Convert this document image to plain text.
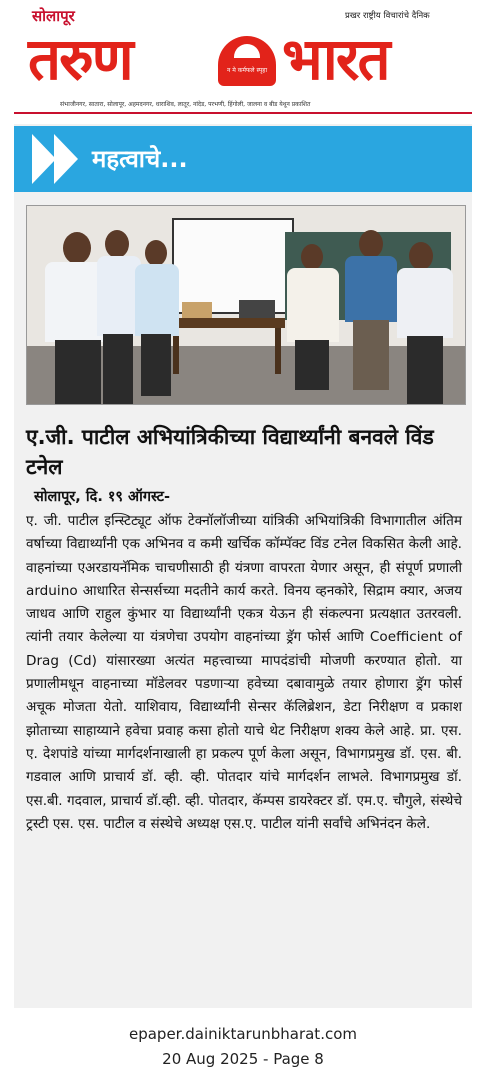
सोलापूर	प्रखर राष्ट्रीय विचारांचे दैनिक
तरुण	न मे कर्मफले स्पृहा भारत
संभाजीनगर, सातारा, सोलापूर, अहमदनगर, धाराशिव, लातूर, नांदेड, परभणी, हिंगोली, जालना व बीड येथून प्रकाशित
महत्वाचे...
ए.जी. पाटील अभियांत्रिकीच्या विद्यार्थ्यांनी बनवले विंड टनेल
सोलापूर, दि. १९ ऑगस्ट-
ए. जी. पाटील इन्स्टिट्यूट ऑफ टेक्नॉलॉजीच्या यांत्रिकी अभियांत्रिकी विभागातील अंतिम वर्षाच्या विद्यार्थ्यांनी एक अभिनव व कमी खर्चिक कॉम्पॅक्ट विंड टनेल विकसित केली आहे. वाहनांच्या एअरडायनॅमिक चाचणीसाठी ही यंत्रणा वापरता येणार असून, ही संपूर्ण प्रणाली arduino आधारित सेन्सर्सच्या मदतीने कार्य करते. विनय व्हनकोरे, सिद्राम क्यार, अजय जाधव आणि राहुल कुंभार या विद्यार्थ्यांनी एकत्र येऊन ही संकल्पना प्रत्यक्षात उतरवली. त्यांनी तयार केलेल्या या यंत्रणेचा उपयोग वाहनांच्या ड्रॅग फोर्स आणि Coefficient of Drag (Cd) यांसारख्या अत्यंत महत्त्वाच्या मापदंडांची मोजणी करण्यात होतो. या प्रणालीमधून वाहनाच्या मॉडेलवर पडणाऱ्या हवेच्या दबावामुळे तयार होणारा ड्रॅग फोर्स अचूक मोजता येतो. याशिवाय, विद्यार्थ्यांनी सेन्सर कॅलिब्रेशन, डेटा निरीक्षण व प्रकाश झोताच्या साहाय्याने हवेचा प्रवाह कसा होतो याचे थेट निरीक्षण शक्य केले आहे. प्रा. एस. ए. देशपांडे यांच्या मार्गदर्शनाखाली हा प्रकल्प पूर्ण केला असून, विभागप्रमुख डॉ. एस. बी. गडवाल आणि प्राचार्य डॉ. व्ही. व्ही. पोतदार यांचे मार्गदर्शन लाभले. विभागप्रमुख डॉ. एस.बी. गदवाल, प्राचार्य डॉ.व्ही. व्ही. पोतदार, कॅम्पस डायरेक्टर डॉ. एम.ए. चौगुले, संस्थेचे ट्रस्टी एस. एस. पाटील व संस्थेचे अध्यक्ष एस.ए. पाटील यांनी सर्वांचे अभिनंदन केले.
epaper.dainiktarunbharat.com
20 Aug 2025 - Page 8
